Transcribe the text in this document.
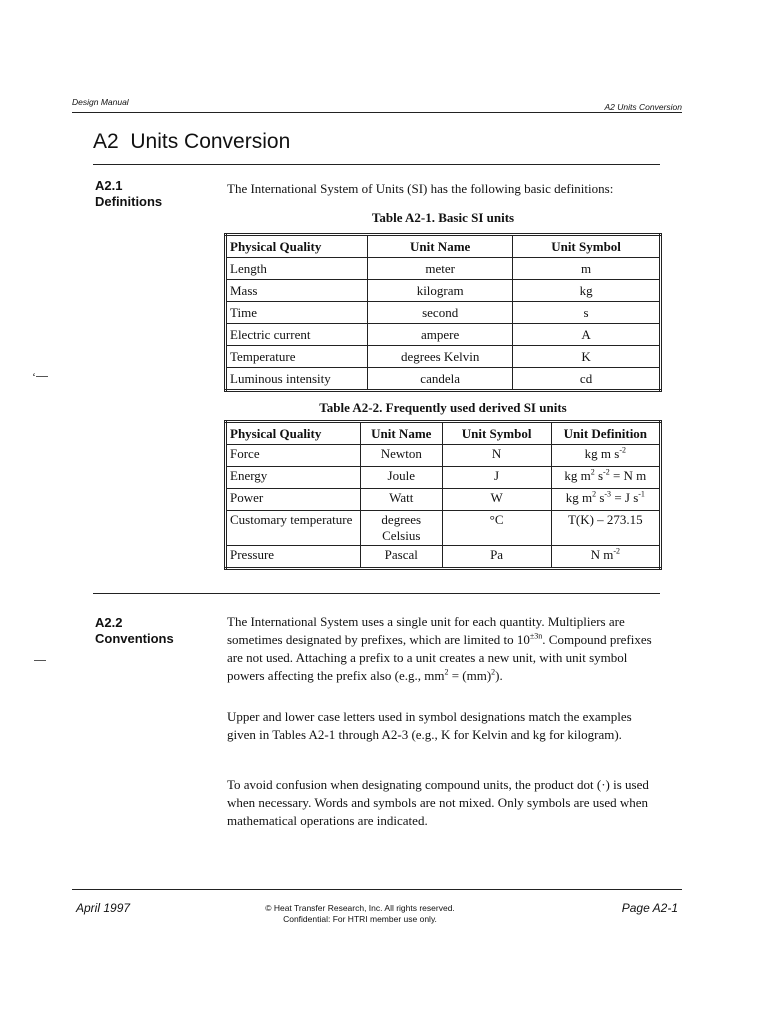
Design Manual	A2 Units Conversion
A2  Units Conversion
A2.1
Definitions
The International System of Units (SI) has the following basic definitions:
Table A2-1. Basic SI units
Physical Quality	Unit Name	Unit Symbol
Length	meter	m
Mass	kilogram	kg
Time	second	s
Electric current	ampere	A
Temperature	degrees Kelvin	K
Luminous intensity	candela	cd
Table A2-2. Frequently used derived SI units
Physical Quality	Unit Name	Unit Symbol	Unit Definition
Force	Newton	N	kg m $s^{-2}$
Energy	Joule	J	kg $m^2$ $s^{-2} = N$ m
Power	Watt	W	kg $m^2$ $s^{-3} = J$ $s^{-1}$
Customary temperature	degrees Celsius	°C	T(K) – 273.15
Pressure	Pascal	Pa	N $m^{-2}$
A2.2
Conventions
The International System uses a single unit for each quantity. Multipliers are sometimes designated by prefixes, which are limited to $10^{\pm 3n}$. Compound prefixes are not used. Attaching a prefix to a unit creates a new unit, with unit symbol powers affecting the prefix also (e.g., $mm^2 = (mm)^2$).
Upper and lower case letters used in symbol designations match the examples given in Tables A2-1 through A2-3 (e.g., K for Kelvin and kg for kilogram).
To avoid confusion when designating compound units, the product dot (·) is used when necessary. Words and symbols are not mixed. Only symbols are used when mathematical operations are indicated.
‘
April 1997	© Heat Transfer Research, Inc. All rights reserved.
Confidential: For HTRI member use only.
Page A2-1
